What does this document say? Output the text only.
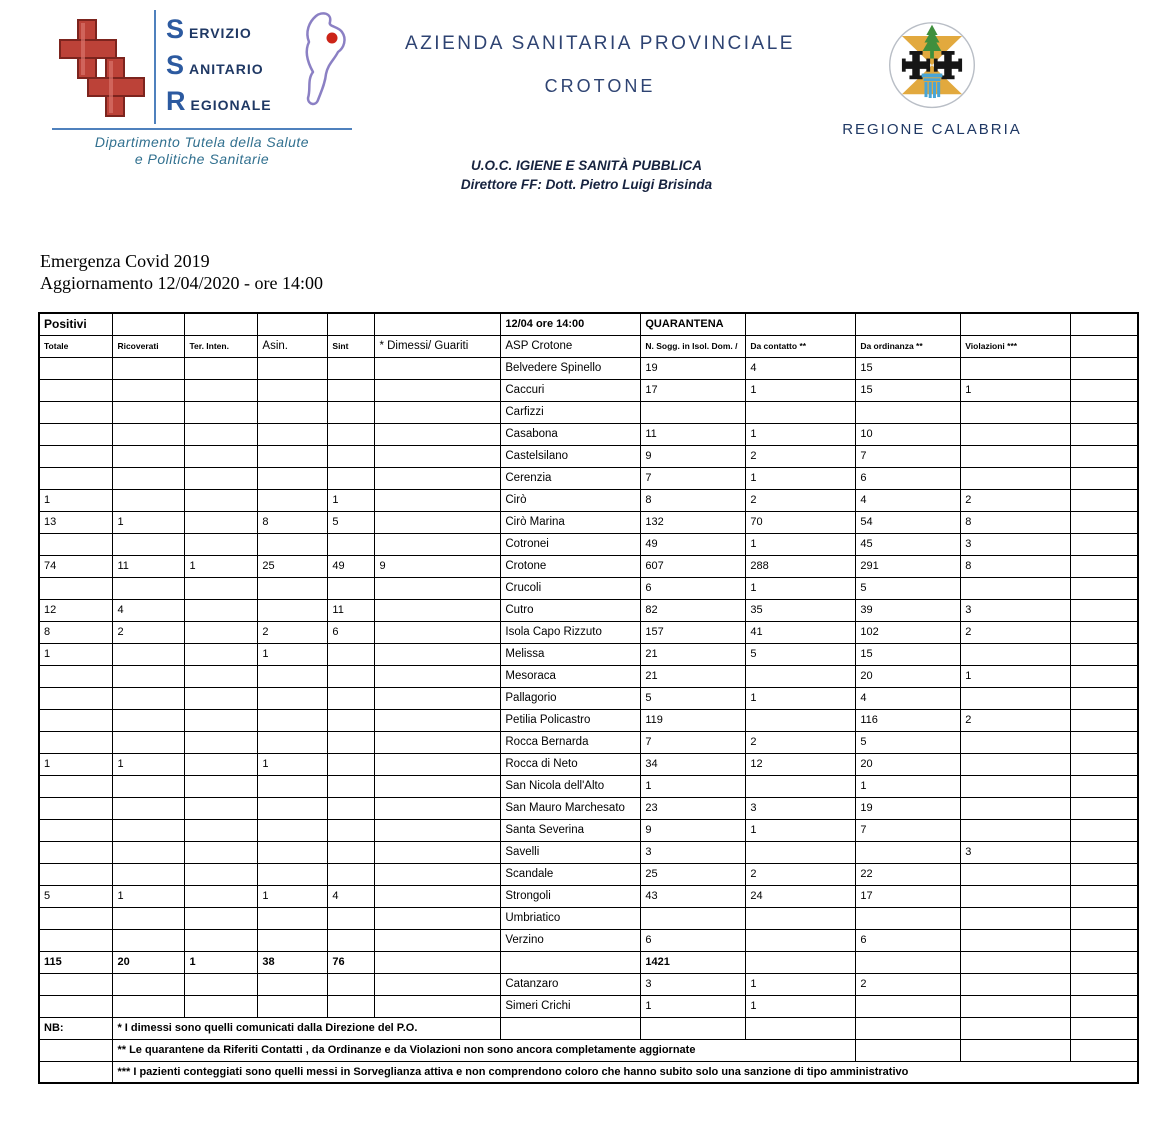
S ERVIZIO
S ANITARIO
R EGIONALE
Dipartimento Tutela della Salute
e Politiche Sanitarie
AZIENDA SANITARIA PROVINCIALE
CROTONE
REGIONE CALABRIA
U.O.C. IGIENE E SANITÀ PUBBLICA
Direttore FF: Dott. Pietro Luigi Brisinda
Emergenza Covid 2019
Aggiornamento 12/04/2020 - ore 14:00
Positivi						12/04 ore 14:00	QUARANTENA				
Totale	Ricoverati	Ter. Inten.	Asin.	Sint	* Dimessi/ Guariti	ASP Crotone	N. Sogg. in Isol. Dom. /	Da contatto **	Da ordinanza **	Violazioni ***	
						Belvedere Spinello	19	4	15		
						Caccuri	17	1	15	1	
						Carfizzi					
						Casabona	11	1	10		
						Castelsilano	9	2	7		
						Cerenzia	7	1	6		
1				1		Cirò	8	2	4	2	
13	1		8	5		Cirò Marina	132	70	54	8	
						Cotronei	49	1	45	3	
74	11	1	25	49	9	Crotone	607	288	291	8	
						Crucoli	6	1	5		
12	4			11		Cutro	82	35	39	3	
8	2		2	6		Isola Capo Rizzuto	157	41	102	2	
1			1			Melissa	21	5	15		
						Mesoraca	21		20	1	
						Pallagorio	5	1	4		
						Petilia Policastro	119		116	2	
						Rocca Bernarda	7	2	5		
1	1		1			Rocca di Neto	34	12	20		
						San Nicola dell'Alto	1		1		
						San Mauro Marchesato	23	3	19		
						Santa Severina	9	1	7		
						Savelli	3			3	
						Scandale	25	2	22		
5	1		1	4		Strongoli	43	24	17		
						Umbriatico					
						Verzino	6		6		
115	20	1	38	76			1421				
						Catanzaro	3	1	2		
						Simeri Crichi	1	1			
NB:	* I dimessi sono quelli comunicati dalla Direzione del P.O.										
	** Le quarantene da Riferiti Contatti , da Ordinanze e da Violazioni non sono ancora completamente aggiornate										
	*** I pazienti conteggiati sono quelli messi in Sorveglianza attiva e non comprendono coloro che hanno subito solo una sanzione di tipo amministrativo										
